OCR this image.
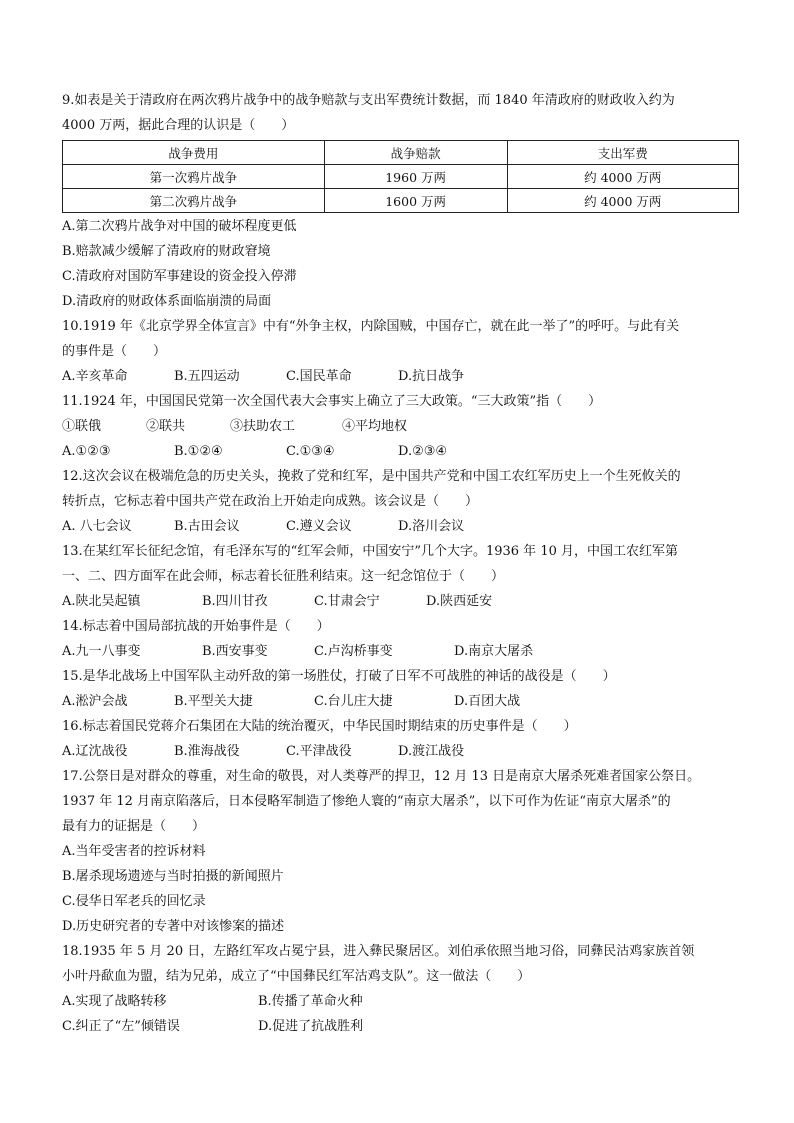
9.如表是关于清政府在两次鸦片战争中的战争赔款与支出军费统计数据，而 1840 年清政府的财政收入约为
4000 万两，据此合理的认识是（　　）
战争费用	战争赔款	支出军费
第一次鸦片战争	1960 万两	约 4000 万两
第二次鸦片战争	1600 万两	约 4000 万两
A.第二次鸦片战争对中国的破坏程度更低
B.赔款减少缓解了清政府的财政窘境
C.清政府对国防军事建设的资金投入停滞
D.清政府的财政体系面临崩溃的局面
10.1919 年《北京学界全体宣言》中有“外争主权，内除国贼，中国存亡，就在此一举了”的呼吁。与此有关
的事件是（　　）
A.辛亥革命	B.五四运动	C.国民革命	D.抗日战争
11.1924 年，中国国民党第一次全国代表大会事实上确立了三大政策。“三大政策”指（　　）
①联俄	②联共	③扶助农工	④平均地权
A.①②③	B.①②④	C.①③④	D.②③④
12.这次会议在极端危急的历史关头，挽救了党和红军，是中国共产党和中国工农红军历史上一个生死攸关的
转折点，它标志着中国共产党在政治上开始走向成熟。该会议是（　　）
A. 八七会议	B.古田会议	C.遵义会议	D.洛川会议
13.在某红军长征纪念馆，有毛泽东写的“红军会师，中国安宁”几个大字。1936 年 10 月，中国工农红军第
一、二、四方面军在此会师，标志着长征胜利结束。这一纪念馆位于（　　）
A.陕北吴起镇	B.四川甘孜	C.甘肃会宁	D.陕西延安
14.标志着中国局部抗战的开始事件是（　　）
A.九一八事变	B.西安事变	C.卢沟桥事变	D.南京大屠杀
15.是华北战场上中国军队主动歼敌的第一场胜仗，打破了日军不可战胜的神话的战役是（　　）
A.淞沪会战	B.平型关大捷	C.台儿庄大捷	D.百团大战
16.标志着国民党蒋介石集团在大陆的统治覆灭，中华民国时期结束的历史事件是（　　）
A.辽沈战役	B.淮海战役	C.平津战役	D.渡江战役
17.公祭日是对群众的尊重，对生命的敬畏，对人类尊严的捍卫，12 月 13 日是南京大屠杀死难者国家公祭日。
1937 年 12 月南京陷落后，日本侵略军制造了惨绝人寰的“南京大屠杀”，以下可作为佐证“南京大屠杀”的
最有力的证据是（　　）
A.当年受害者的控诉材料
B.屠杀现场遗迹与当时拍摄的新闻照片
C.侵华日军老兵的回忆录
D.历史研究者的专著中对该惨案的描述
18.1935 年 5 月 20 日，左路红军攻占冕宁县，进入彝民聚居区。刘伯承依照当地习俗，同彝民沽鸡家族首领
小叶丹歃血为盟，结为兄弟，成立了“中国彝民红军沽鸡支队”。这一做法（　　）
A.实现了战略转移	B.传播了革命火种
C.纠正了“左”倾错误	D.促进了抗战胜利
